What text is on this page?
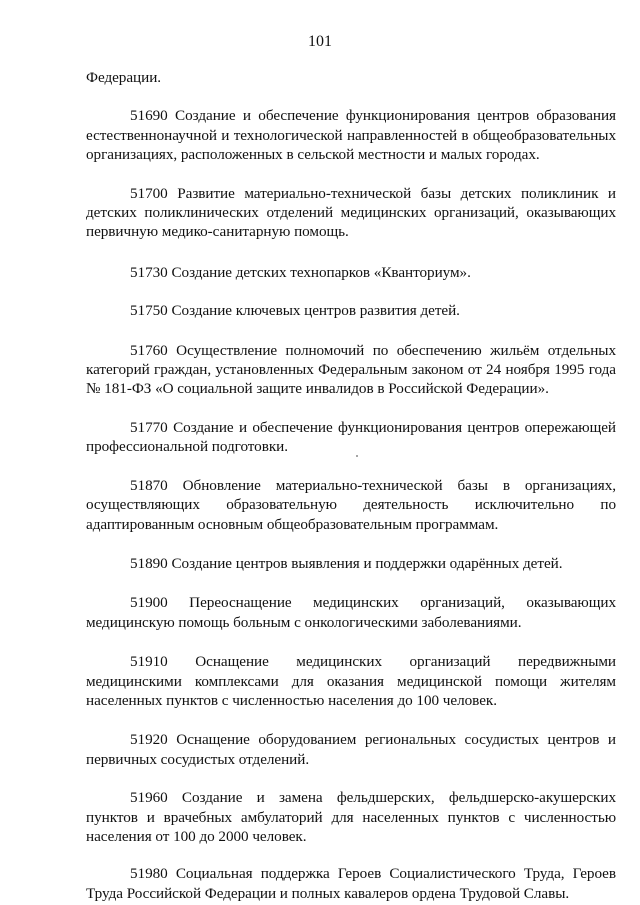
101

Федерации.

51690 Создание и обеспечение функционирования центров образования естественнонаучной и технологической направленностей в общеобразовательных организациях, расположенных в сельской местности и малых городах.

51700 Развитие материально-технической базы детских поликлиник и детских поликлинических отделений медицинских организаций, оказывающих первичную медико-санитарную помощь.

51730 Создание детских технопарков «Кванториум».

51750 Создание ключевых центров развития детей.

51760 Осуществление полномочий по обеспечению жильём отдельных категорий граждан, установленных Федеральным законом от 24 ноября 1995 года № 181-ФЗ «О социальной защите инвалидов в Российской Федерации».

51770 Создание и обеспечение функционирования центров опережающей профессиональной подготовки.

51870 Обновление материально-технической базы в организациях, осуществляющих образовательную деятельность исключительно по адаптированным основным общеобразовательным программам.

51890 Создание центров выявления и поддержки одарённых детей.

51900 Переоснащение медицинских организаций, оказывающих медицинскую помощь больным с онкологическими заболеваниями.

51910 Оснащение медицинских организаций передвижными медицинскими комплексами для оказания медицинской помощи жителям населенных пунктов с численностью населения до 100 человек.

51920 Оснащение оборудованием региональных сосудистых центров и первичных сосудистых отделений.

51960 Создание и замена фельдшерских, фельдшерско-акушерских пунктов и врачебных амбулаторий для населенных пунктов с численностью населения от 100 до 2000 человек.

51980 Социальная поддержка Героев Социалистического Труда, Героев Труда Российской Федерации и полных кавалеров ордена Трудовой Славы.
